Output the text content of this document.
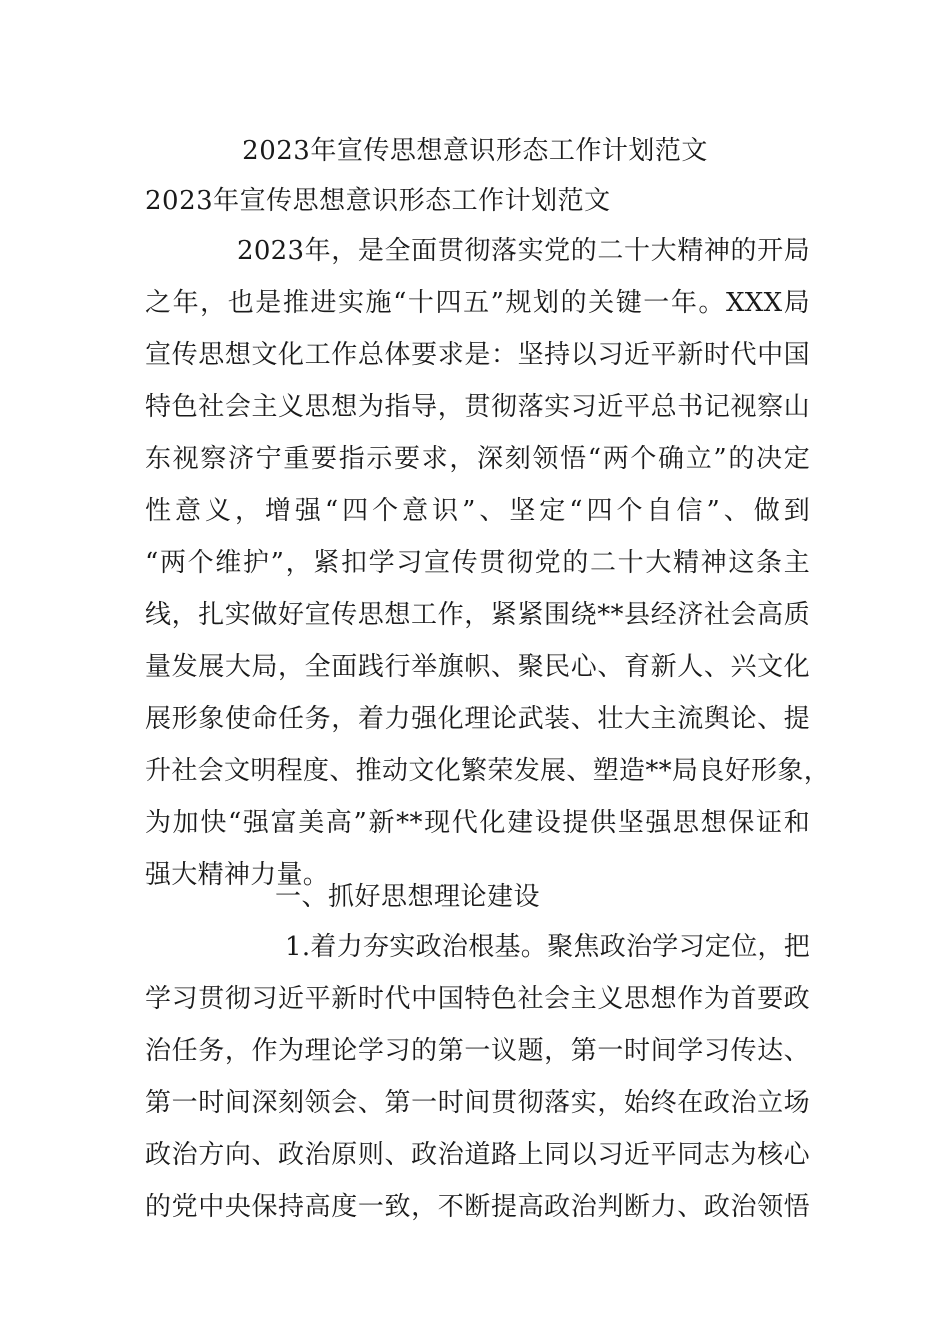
2023年宣传思想意识形态工作计划范文
2023年宣传思想意识形态工作计划范文
2023年，是全面贯彻落实党的二十大精神的开局
之年，也是推进实施“十四五”规划的关键一年。XXX局
宣传思想文化工作总体要求是：坚持以习近平新时代中国
特色社会主义思想为指导，贯彻落实习近平总书记视察山
东视察济宁重要指示要求，深刻领悟“两个确立”的决定
性意义，增强“四个意识”、坚定“四个自信”、做到
“两个维护”，紧扣学习宣传贯彻党的二十大精神这条主
线，扎实做好宣传思想工作，紧紧围绕**县经济社会高质
量发展大局，全面践行举旗帜、聚民心、育新人、兴文化
展形象使命任务，着力强化理论武装、壮大主流舆论、提
升社会文明程度、推动文化繁荣发展、塑造**局良好形象，
为加快“强富美高”新**现代化建设提供坚强思想保证和
强大精神力量。
一、抓好思想理论建设
1.着力夯实政治根基。聚焦政治学习定位，把
学习贯彻习近平新时代中国特色社会主义思想作为首要政
治任务，作为理论学习的第一议题，第一时间学习传达、
第一时间深刻领会、第一时间贯彻落实，始终在政治立场
政治方向、政治原则、政治道路上同以习近平同志为核心
的党中央保持高度一致，不断提高政治判断力、政治领悟
